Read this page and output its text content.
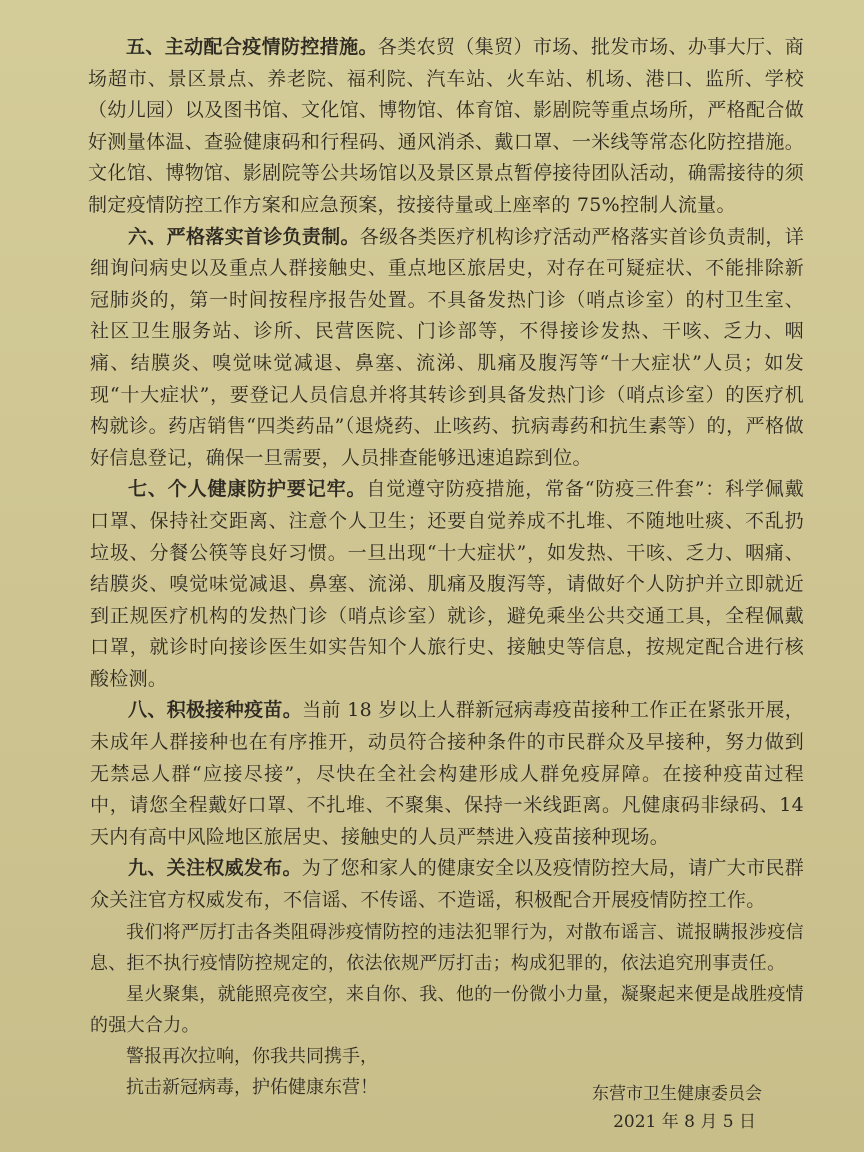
五、主动配合疫情防控措施。各类农贸（集贸）市场、批发市场、办事大厅、商场超市、景区景点、养老院、福利院、汽车站、火车站、机场、港口、监所、学校（幼儿园）以及图书馆、文化馆、博物馆、体育馆、影剧院等重点场所，严格配合做好测量体温、查验健康码和行程码、通风消杀、戴口罩、一米线等常态化防控措施。文化馆、博物馆、影剧院等公共场馆以及景区景点暂停接待团队活动，确需接待的须制定疫情防控工作方案和应急预案，按接待量或上座率的 75%控制人流量。

六、严格落实首诊负责制。各级各类医疗机构诊疗活动严格落实首诊负责制，详细询问病史以及重点人群接触史、重点地区旅居史，对存在可疑症状、不能排除新冠肺炎的，第一时间按程序报告处置。不具备发热门诊（哨点诊室）的村卫生室、社区卫生服务站、诊所、民营医院、门诊部等，不得接诊发热、干咳、乏力、咽痛、结膜炎、嗅觉味觉减退、鼻塞、流涕、肌痛及腹泻等“十大症状”人员；如发现“十大症状”，要登记人员信息并将其转诊到具备发热门诊（哨点诊室）的医疗机构就诊。药店销售“四类药品”（退烧药、止咳药、抗病毒药和抗生素等）的，严格做好信息登记，确保一旦需要，人员排查能够迅速追踪到位。

七、个人健康防护要记牢。自觉遵守防疫措施，常备“防疫三件套”：科学佩戴口罩、保持社交距离、注意个人卫生；还要自觉养成不扎堆、不随地吐痰、不乱扔垃圾、分餐公筷等良好习惯。一旦出现“十大症状”，如发热、干咳、乏力、咽痛、结膜炎、嗅觉味觉减退、鼻塞、流涕、肌痛及腹泻等，请做好个人防护并立即就近到正规医疗机构的发热门诊（哨点诊室）就诊，避免乘坐公共交通工具，全程佩戴口罩，就诊时向接诊医生如实告知个人旅行史、接触史等信息，按规定配合进行核酸检测。

八、积极接种疫苗。当前 18 岁以上人群新冠病毒疫苗接种工作正在紧张开展，未成年人群接种也在有序推开，动员符合接种条件的市民群众及早接种，努力做到无禁忌人群“应接尽接”，尽快在全社会构建形成人群免疫屏障。在接种疫苗过程中，请您全程戴好口罩、不扎堆、不聚集、保持一米线距离。凡健康码非绿码、14 天内有高中风险地区旅居史、接触史的人员严禁进入疫苗接种现场。

九、关注权威发布。为了您和家人的健康安全以及疫情防控大局，请广大市民群众关注官方权威发布，不信谣、不传谣、不造谣，积极配合开展疫情防控工作。

我们将严厉打击各类阻碍涉疫情防控的违法犯罪行为，对散布谣言、谎报瞒报涉疫信息、拒不执行疫情防控规定的，依法依规严厉打击；构成犯罪的，依法追究刑事责任。

星火聚集，就能照亮夜空，来自你、我、他的一份微小力量，凝聚起来便是战胜疫情的强大合力。

警报再次拉响，你我共同携手，

抗击新冠病毒，护佑健康东营！	东营市卫生健康委员会
2021 年 8 月 5 日
